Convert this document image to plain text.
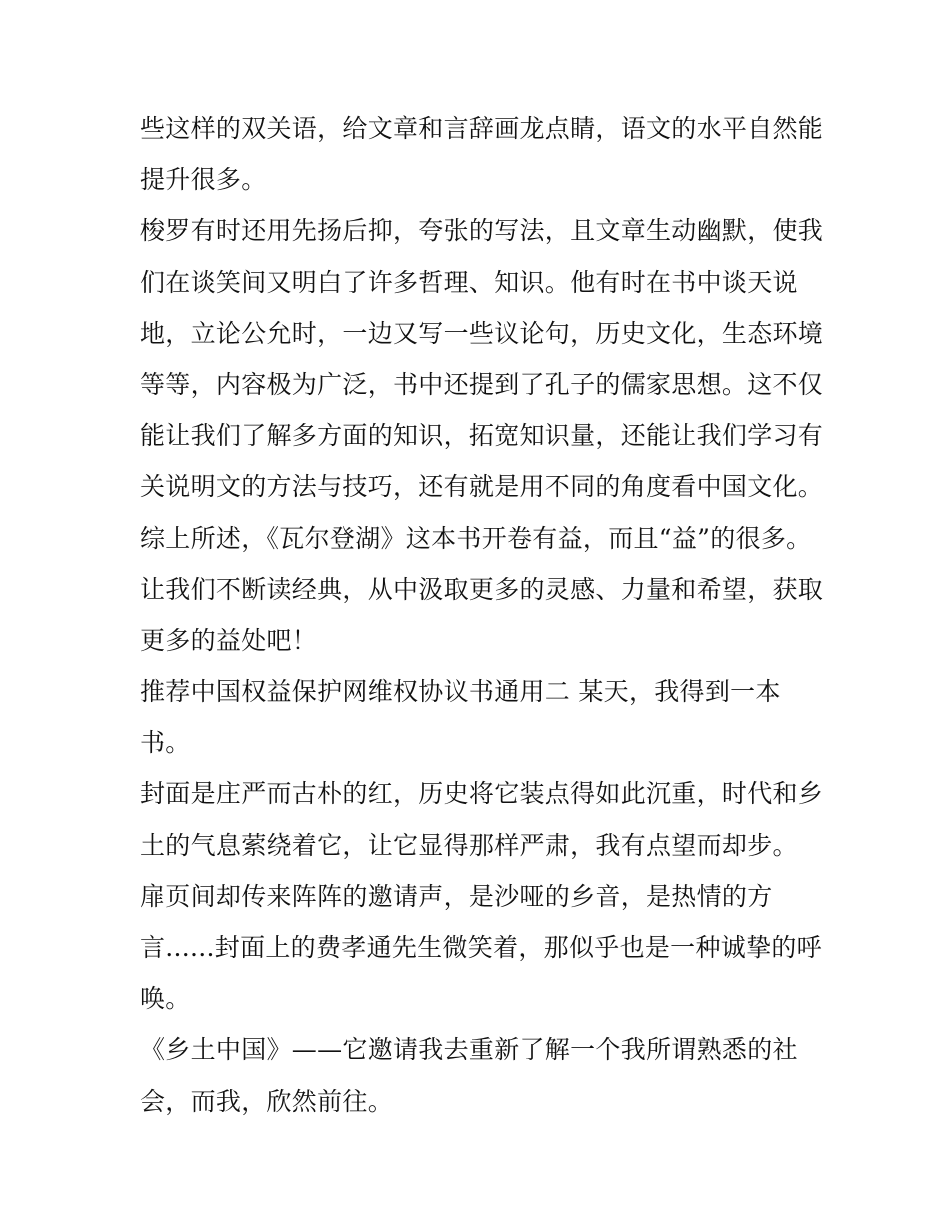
些这样的双关语，给文章和言辞画龙点睛，语文的水平自然能
提升很多。
梭罗有时还用先扬后抑，夸张的写法，且文章生动幽默，使我
们在谈笑间又明白了许多哲理、知识。他有时在书中谈天说
地，立论公允时，一边又写一些议论句，历史文化，生态环境
等等，内容极为广泛，书中还提到了孔子的儒家思想。这不仅
能让我们了解多方面的知识，拓宽知识量，还能让我们学习有
关说明文的方法与技巧，还有就是用不同的角度看中国文化。
综上所述，《瓦尔登湖》这本书开卷有益，而且“益”的很多。
让我们不断读经典，从中汲取更多的灵感、力量和希望，获取
更多的益处吧！
推荐中国权益保护网维权协议书通用二 某天，我得到一本
书。
封面是庄严而古朴的红，历史将它装点得如此沉重，时代和乡
土的气息萦绕着它，让它显得那样严肃，我有点望而却步。
扉页间却传来阵阵的邀请声，是沙哑的乡音，是热情的方
言......封面上的费孝通先生微笑着，那似乎也是一种诚挚的呼
唤。
《乡土中国》——它邀请我去重新了解一个我所谓熟悉的社
会，而我，欣然前往。
